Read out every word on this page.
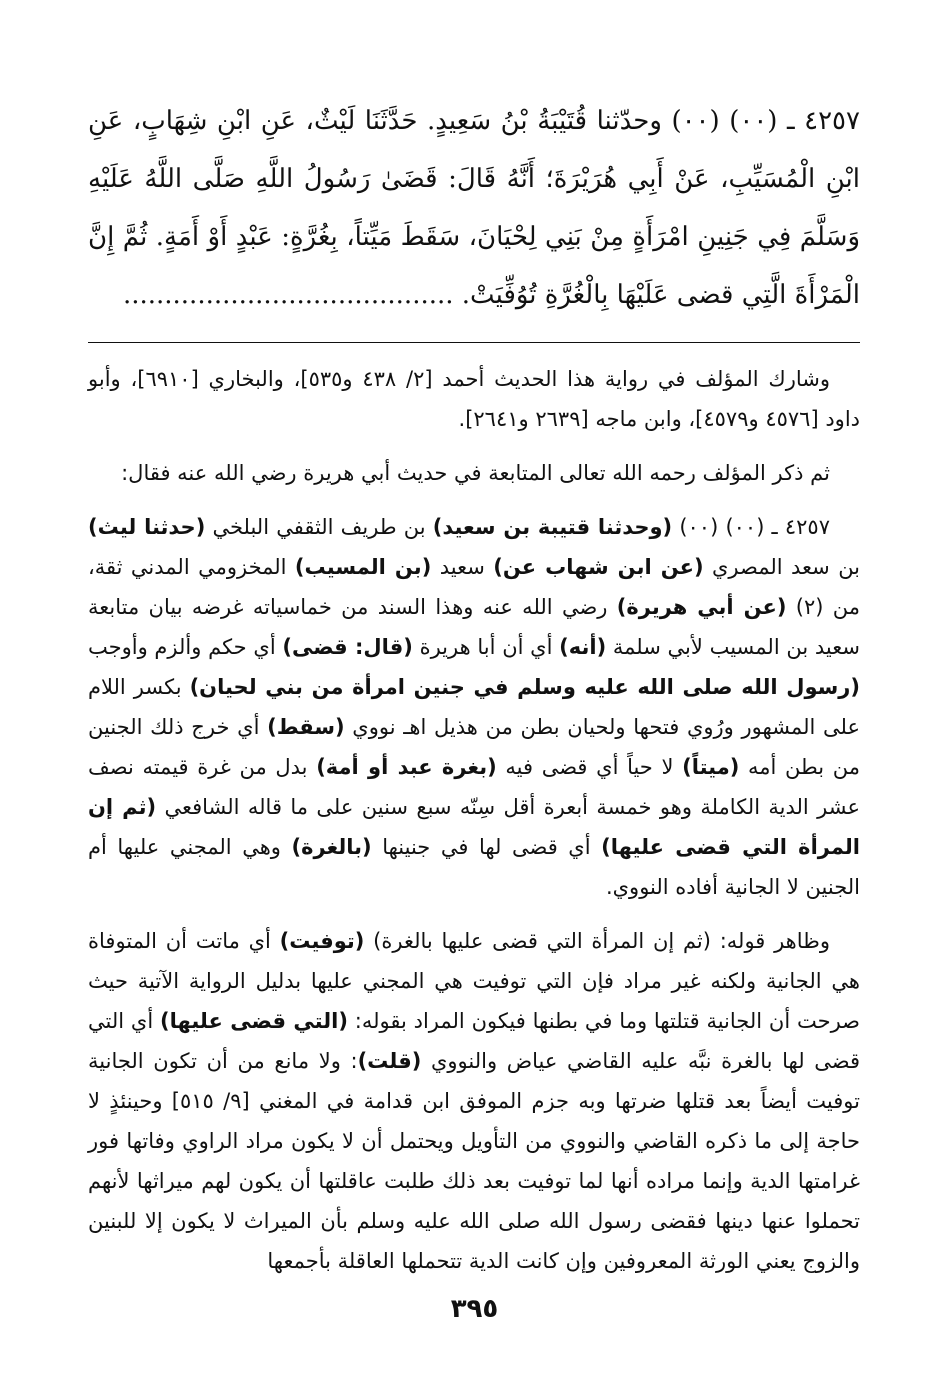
٤٢٥٧ ـ (٠٠) (٠٠) وحدّثنا قُتَيْبَةُ بْنُ سَعِيدٍ. حَدَّثَنَا لَيْثٌ، عَنِ ابْنِ شِهَابٍ، عَنِ ابْنِ الْمُسَيِّبِ، عَنْ أَبِي هُرَيْرَةَ؛ أَنَّهُ قَالَ: قَضَىٰ رَسُولُ اللَّهِ صَلَّى اللَّهُ عَلَيْهِ وَسَلَّمَ فِي جَنِينِ امْرَأَةٍ مِنْ بَنِي لِحْيَانَ، سَقَطَ مَيِّتاً، بِغُرَّةٍ: عَبْدٍ أَوْ أَمَةٍ. ثُمَّ إِنَّ الْمَرْأَةَ الَّتِي قضى عَلَيْهَا بِالْغُرَّةِ تُوُفِّيَتْ. ........................................

وشارك المؤلف في رواية هذا الحديث أحمد [٢/ ٤٣٨ و٥٣٥]، والبخاري [٦٩١٠]، وأبو داود [٤٥٧٦ و٤٥٧٩]، وابن ماجه [٢٦٣٩ و٢٦٤١].

ثم ذكر المؤلف رحمه الله تعالى المتابعة في حديث أبي هريرة رضي الله عنه فقال:

٤٢٥٧ ـ (٠٠) (٠٠) (وحدثنا قتيبة بن سعيد) بن طريف الثقفي البلخي (حدثنا ليث) بن سعد المصري (عن ابن شهاب عن) سعيد (بن المسيب) المخزومي المدني ثقة، من (٢) (عن أبي هريرة) رضي الله عنه وهذا السند من خماسياته غرضه بيان متابعة سعيد بن المسيب لأبي سلمة (أنه) أي أن أبا هريرة (قال: قضى) أي حكم وألزم وأوجب (رسول الله صلى الله عليه وسلم في جنين امرأة من بني لحيان) بكسر اللام على المشهور ورُوي فتحها ولحيان بطن من هذيل اهـ نووي (سقط) أي خرج ذلك الجنين من بطن أمه (ميتاً) لا حياً أي قضى فيه (بغرة عبد أو أمة) بدل من غرة قيمته نصف عشر الدية الكاملة وهو خمسة أبعرة أقل سِنّه سبع سنين على ما قاله الشافعي (ثم إن المرأة التي قضى عليها) أي قضى لها في جنينها (بالغرة) وهي المجني عليها أم الجنين لا الجانية أفاده النووي.

وظاهر قوله: (ثم إن المرأة التي قضى عليها بالغرة) (توفيت) أي ماتت أن المتوفاة هي الجانية ولكنه غير مراد فإن التي توفيت هي المجني عليها بدليل الرواية الآتية حيث صرحت أن الجانية قتلتها وما في بطنها فيكون المراد بقوله: (التي قضى عليها) أي التي قضى لها بالغرة نبَّه عليه القاضي عياض والنووي (قلت): ولا مانع من أن تكون الجانية توفيت أيضاً بعد قتلها ضرتها وبه جزم الموفق ابن قدامة في المغني [٩/ ٥١٥] وحينئذٍ لا حاجة إلى ما ذكره القاضي والنووي من التأويل ويحتمل أن لا يكون مراد الراوي وفاتها فور غرامتها الدية وإنما مراده أنها لما توفيت بعد ذلك طلبت عاقلتها أن يكون لهم ميراثها لأنهم تحملوا عنها دينها فقضى رسول الله صلى الله عليه وسلم بأن الميراث لا يكون إلا للبنين والزوج يعني الورثة المعروفين وإن كانت الدية تتحملها العاقلة بأجمعها

٣٩٥
